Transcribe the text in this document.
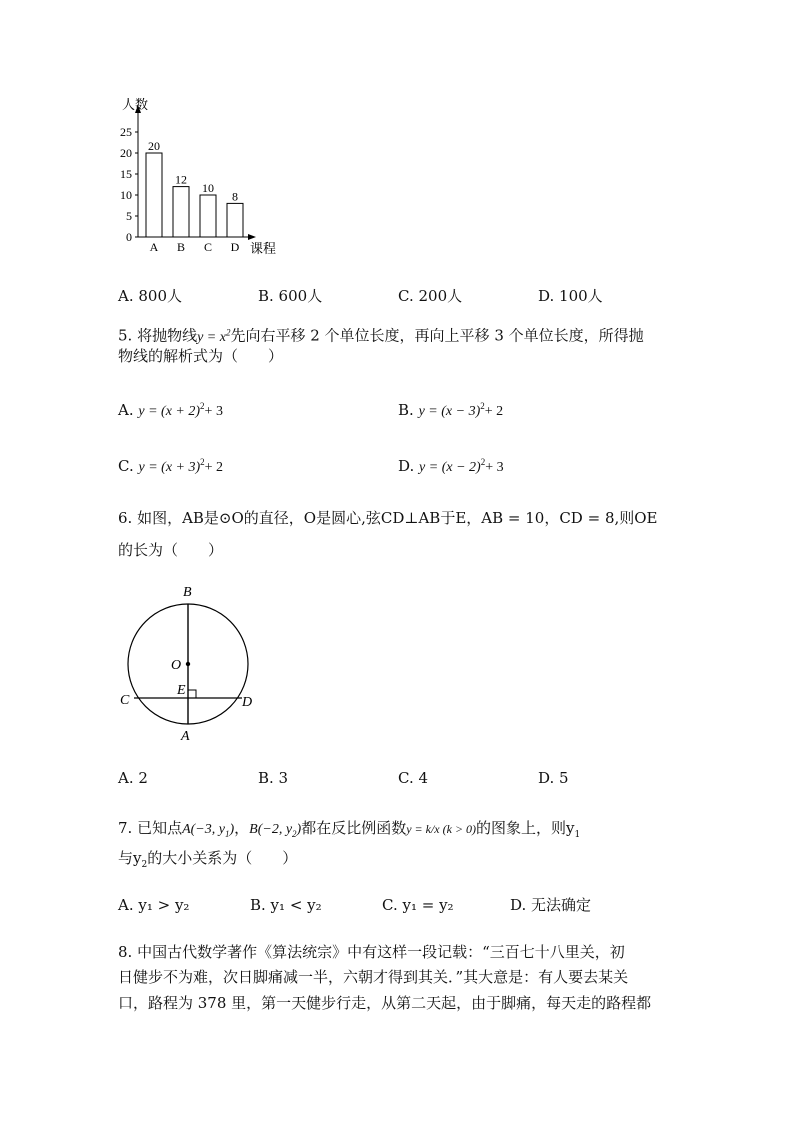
人数
课程
0
5
10
15
20
25
20
A
12
B
10
C
8
D
A. 800人	B. 600人	C. 200人	D. 100人
5. 将抛物线$y = x^2$先向右平移 2 个单位长度，再向上平移 3 个单位长度，所得抛
物线的解析式为（　　）
A. $y = (x + 2)^2+ 3$	B. $y = (x - 3)^2+ 2$
C. $y = (x + 3)^2+ 2$	D. $y = (x - 2)^2+ 3$
6. 如图，AB是⊙O的直径，O是圆心,弦CD⊥AB于E，AB = 10，CD = 8,则OE
的长为（　　）
B
O
E
C	D
A
A. 2	B. 3	C. 4	D. 5
7. 已知点A(−3, $y_1$)，B(−2, $y_2$)都在反比例函数y = k/x (k > 0)的图象上，则$y_1$
与$y_2$的大小关系为（　　）
A. y₁ > y₂	B. y₁ < y₂	C. y₁ = y₂	D. 无法确定
8. 中国古代数学著作《算法统宗》中有这样一段记载：“三百七十八里关，初
日健步不为难，次日脚痛减一半，六朝才得到其关．”其大意是：有人要去某关
口，路程为 378 里，第一天健步行走，从第二天起，由于脚痛，每天走的路程都
